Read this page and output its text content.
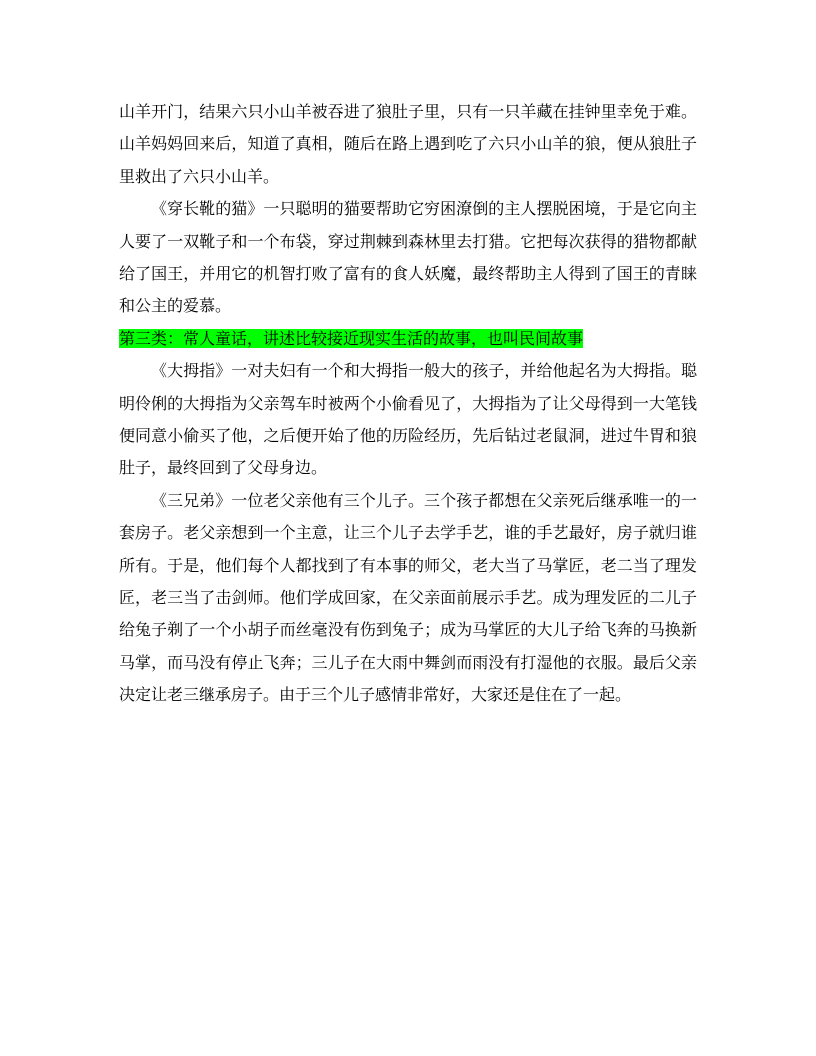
山羊开门，结果六只小山羊被吞进了狼肚子里，只有一只羊藏在挂钟里幸免于难。山羊妈妈回来后，知道了真相，随后在路上遇到吃了六只小山羊的狼，便从狼肚子里救出了六只小山羊。

《穿长靴的猫》一只聪明的猫要帮助它穷困潦倒的主人摆脱困境，于是它向主人要了一双靴子和一个布袋，穿过荆棘到森林里去打猎。它把每次获得的猎物都献给了国王，并用它的机智打败了富有的食人妖魔，最终帮助主人得到了国王的青睐和公主的爱慕。

第三类：常人童话，讲述比较接近现实生活的故事，也叫民间故事

《大拇指》一对夫妇有一个和大拇指一般大的孩子，并给他起名为大拇指。聪明伶俐的大拇指为父亲驾车时被两个小偷看见了，大拇指为了让父母得到一大笔钱便同意小偷买了他，之后便开始了他的历险经历，先后钻过老鼠洞，进过牛胃和狼肚子，最终回到了父母身边。

《三兄弟》一位老父亲他有三个儿子。三个孩子都想在父亲死后继承唯一的一套房子。老父亲想到一个主意，让三个儿子去学手艺，谁的手艺最好，房子就归谁所有。于是，他们每个人都找到了有本事的师父，老大当了马掌匠，老二当了理发匠，老三当了击剑师。他们学成回家，在父亲面前展示手艺。成为理发匠的二儿子给兔子剃了一个小胡子而丝毫没有伤到兔子；成为马掌匠的大儿子给飞奔的马换新马掌，而马没有停止飞奔；三儿子在大雨中舞剑而雨没有打湿他的衣服。最后父亲决定让老三继承房子。由于三个儿子感情非常好，大家还是住在了一起。
